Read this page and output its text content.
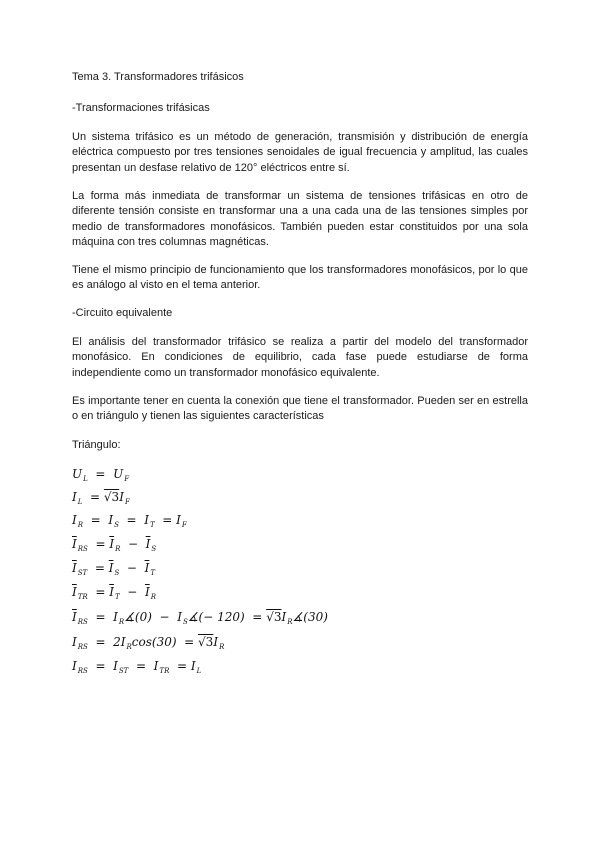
Tema 3. Transformadores trifásicos

-Transformaciones trifásicas

Un sistema trifásico es un método de generación, transmisión y distribución de energía eléctrica compuesto por tres tensiones senoidales de igual frecuencia y amplitud, las cuales presentan un desfase relativo de 120° eléctricos entre sí.

La forma más inmediata de transformar un sistema de tensiones trifásicas en otro de diferente tensión consiste en transformar una a una cada una de las tensiones simples por medio de transformadores monofásicos. También pueden estar constituidos por una sola máquina con tres columnas magnéticas.

Tiene el mismo principio de funcionamiento que los transformadores monofásicos, por lo que es análogo al visto en el tema anterior.

-Circuito equivalente

El análisis del transformador trifásico se realiza a partir del modelo del transformador monofásico. En condiciones de equilibrio, cada fase puede estudiarse de forma independiente como un transformador monofásico equivalente.

Es importante tener en cuenta la conexión que tiene el transformador. Pueden ser en estrella o en triángulo y tienen las siguientes características

Triángulo:

$U_L = U_F$
$I_L = √3I_F$
$I_R = I_S = I_T = I_F$
$\overline{I}_{RS} = \overline{I}_R - \overline{I}_S$
$\overline{I}_{ST} = \overline{I}_S - \overline{I}_T$
$\overline{I}_{TR} = \overline{I}_T - \overline{I}_R$
$\overline{I}_{RS}$  =  $I_R∡(0)$  −  $I_S∡(- 120)$  = $√3I_R∡(30)$
$I_{RS} = 2I_R\cos(30) = √3I_R$
$I_{RS} = I_{ST} = I_{TR} = I_L$
